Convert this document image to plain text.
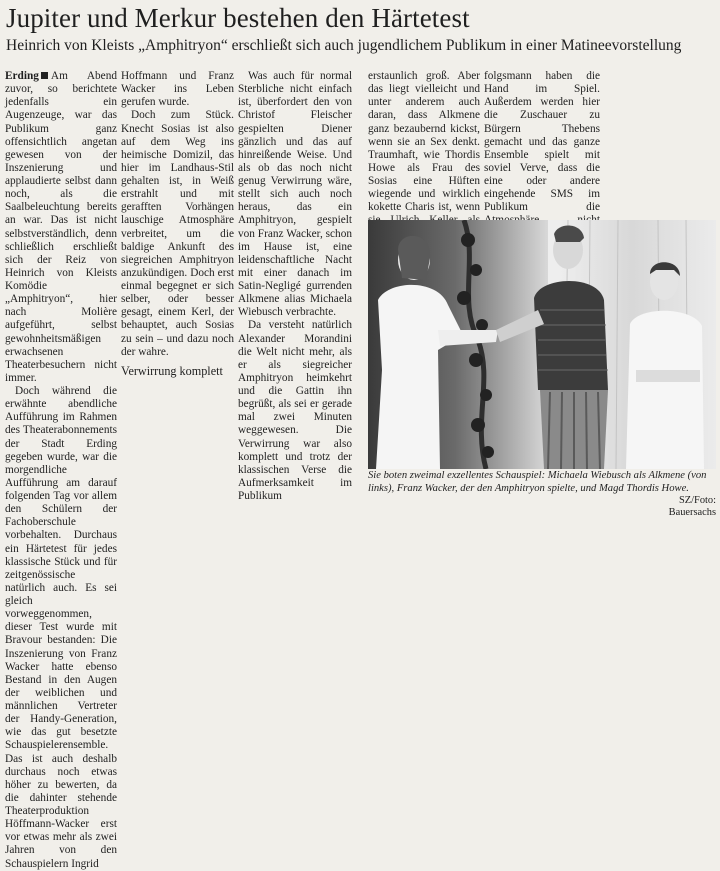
Jupiter und Merkur bestehen den Härtetest
Heinrich von Kleists „Amphitryon“ erschließt sich auch jugendlichem Publikum in einer Matineevorstellung

Erding Am Abend zuvor, so berichtete jedenfalls ein Augenzeuge, war das Publikum ganz offensichtlich angetan gewesen von der Inszenierung und applaudierte selbst dann noch, als die Saalbeleuchtung bereits an war. Das ist nicht selbstverständlich, denn schließlich erschließt sich der Reiz von Heinrich von Kleists Komödie „Amphitryon“, hier nach Molière aufgeführt, selbst gewohnheitsmäßigen erwachsenen Theaterbesuchern nicht immer.

Doch während die erwähnte abendliche Aufführung im Rahmen des Theaterabonnements der Stadt Erding gegeben wurde, war die morgendliche Aufführung am darauf folgenden Tag vor allem den Schülern der Fachoberschule vorbehalten. Durchaus ein Härtetest für jedes klassische Stück und für zeitgenössische natürlich auch. Es sei gleich vorweggenommen, dieser Test wurde mit Bravour bestanden: Die Inszenierung von Franz Wacker hatte ebenso Bestand in den Augen der weiblichen und männlichen Vertreter der Handy-Generation, wie das gut besetzte Schauspielerensemble. Das ist auch deshalb durchaus noch etwas höher zu bewerten, da die dahinter stehende Theaterproduktion Höffmann-Wacker erst vor etwas mehr als zwei Jahren von den Schauspielern Ingrid

Hoffmann und Franz Wacker ins Leben gerufen wurde.

Doch zum Stück. Knecht Sosias ist also auf dem Weg ins heimische Domizil, das hier im Landhaus-Stil gehalten ist, in Weiß erstrahlt und mit gerafften Vorhängen lauschige Atmosphäre verbreitet, um die baldige Ankunft des siegreichen Amphitryon anzukündigen. Doch erst einmal begegnet er sich selber, oder besser gesagt, einem Kerl, der behauptet, auch Sosias zu sein – und dazu noch der wahre.

erstaunlich groß. Aber das liegt vielleicht und unter anderem auch daran, dass Alkmene ganz bezaubernd kickst, wenn sie an Sex denkt. Traumhaft, wie Thordis Howe als Frau des Sosias eine Hüften wiegende und wirklich kokette Charis ist, wenn

folgsmann haben die Hand im Spiel. Außerdem werden hier die Zuschauer zu Bürgern Thebens gemacht und das ganze Ensemble spielt mit soviel Verve, dass die eine oder andere eingehende SMS im Publikum die

Sie boten zweimal exzellentes Schauspiel: Michaela Wiebusch als Alkmene (von links), Franz Wacker, der den Amphitryon spielte, und Magd Thordis Howe.
SZ/Foto: Bauersachs
Verwirrung komplett

Was auch für normal Sterbliche nicht einfach ist, überfordert den von Christof Fleischer gespielten Diener gänzlich und das auf hinreißende Weise. Und als ob das noch nicht genug Verwirrung wäre, stellt sich auch noch heraus, das ein Amphitryon, gespielt von Franz Wacker, schon im Hause ist, eine leidenschaftliche Nacht mit einer danach im Satin-Negligé gurrenden Alkmene alias Michaela Wiebusch verbrachte.

Da versteht natürlich Alexander Morandini die Welt nicht mehr, als er als siegreicher Amphitryon heimkehrt und die Gattin ihn begrüßt, als sei er gerade mal zwei Minuten weggewesen. Die Verwirrung war also komplett und trotz der klassischen Verse die Aufmerksamkeit im Publikum
